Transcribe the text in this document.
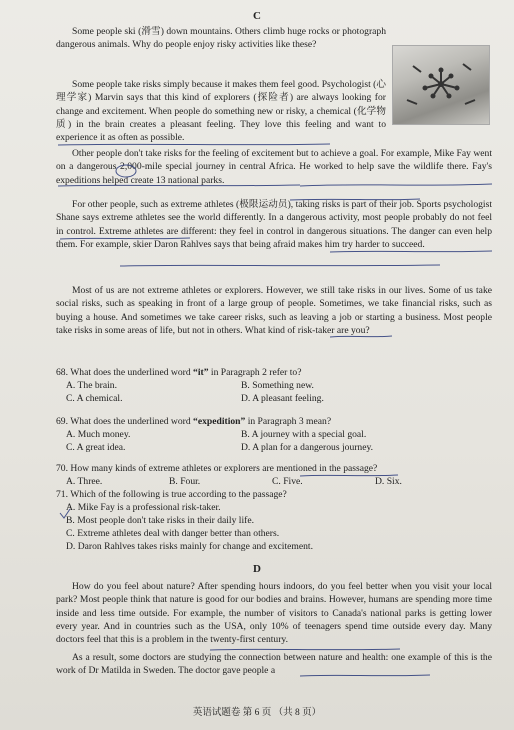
C
Some people ski (滑雪) down mountains. Others climb huge rocks or photograph dangerous animals. Why do people enjoy risky activities like these?
Some people take risks simply because it makes them feel good. Psychologist (心理学家) Marvin says that this kind of explorers (探险者) are always looking for change and excitement. When people do something new or risky, a chemical (化学物质) in the brain creates a pleasant feeling. They love this feeling and want to experience it as often as possible.
Other people don't take risks for the feeling of excitement but to achieve a goal. For example, Mike Fay went on a dangerous 2,000-mile special journey in central Africa. He worked to help save the wildlife there. Fay's expeditions helped create 13 national parks.
For other people, such as extreme athletes (极限运动员), taking risks is part of their job. Sports psychologist Shane says extreme athletes see the world differently. In a dangerous activity, most people probably do not feel in control. Extreme athletes are different: they feel in control in dangerous situations. The danger can even help them. For example, skier Daron Rahlves says that being afraid makes him try harder to succeed.
Most of us are not extreme athletes or explorers. However, we still take risks in our lives. Some of us take social risks, such as speaking in front of a large group of people. Sometimes, we take financial risks, such as buying a house. And sometimes we take career risks, such as leaving a job or starting a business. Most people take risks in some areas of life, but not in others. What kind of risk-taker are you?
68. What does the underlined word “it” in Paragraph 2 refer to?
A. The brain.	B. Something new.
C. A chemical.	D. A pleasant feeling.
69. What does the underlined word “expedition” in Paragraph 3 mean?
A. Much money.	B. A journey with a special goal.
C. A great idea.	D. A plan for a dangerous journey.
70. How many kinds of extreme athletes or explorers are mentioned in the passage?
A. Three.	B. Four.	C. Five.	D. Six.
71. Which of the following is true according to the passage?
A. Mike Fay is a professional risk-taker.
B. Most people don't take risks in their daily life.
C. Extreme athletes deal with danger better than others.
D. Daron Rahlves takes risks mainly for change and excitement.
D
How do you feel about nature? After spending hours indoors, do you feel better when you visit your local park? Most people think that nature is good for our bodies and brains. However, humans are spending more time inside and less time outside. For example, the number of visitors to Canada's national parks is getting lower every year. And in countries such as the USA, only 10% of teenagers spend time outside every day. Many doctors feel that this is a problem in the twenty-first century.
As a result, some doctors are studying the connection between nature and health: one example of this is the work of Dr Matilda in Sweden. The doctor gave people a
英语试题卷 第 6 页 （共 8 页）
